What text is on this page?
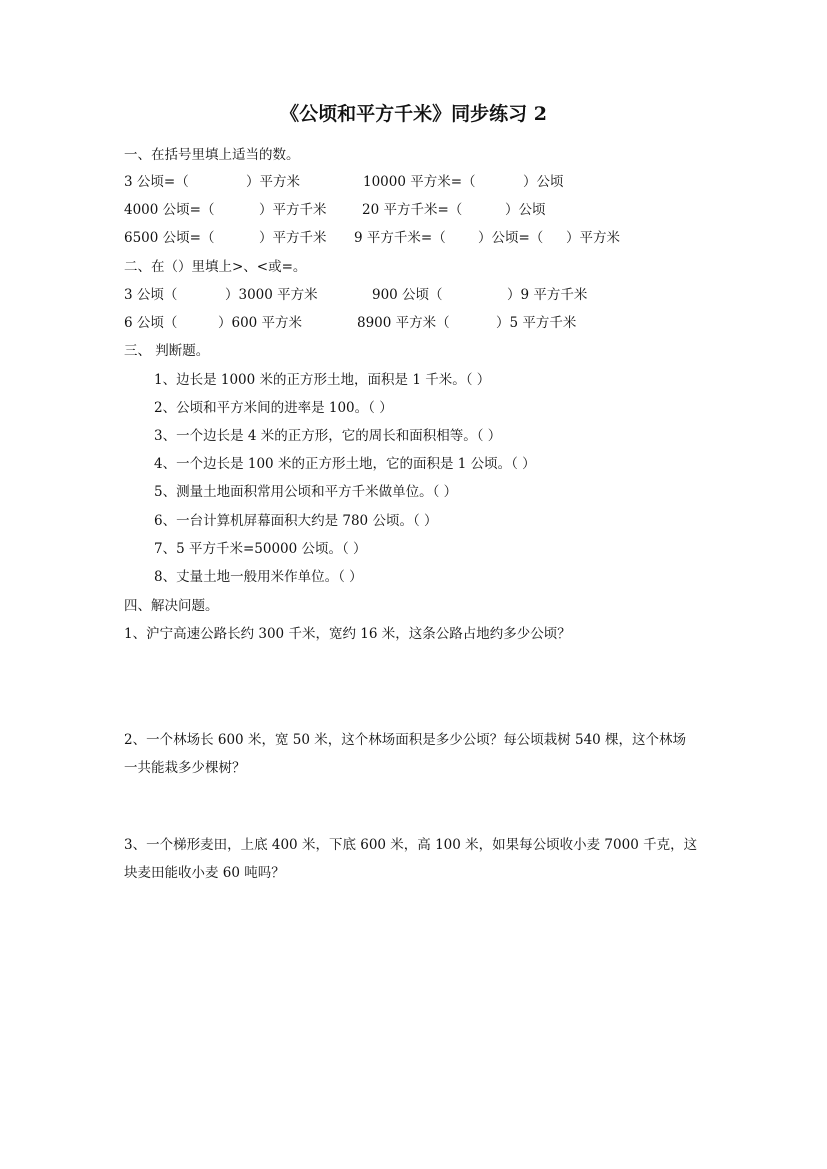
《公顷和平方千米》同步练习 2
一、在括号里填上适当的数。
3 公顷=（	）平方米	10000 平方米=（	）公顷
4000 公顷=（	）平方千米	20 平方千米=（	）公顷
6500 公顷=（	）平方千米 9 平方千米=（ ）公顷=（ ）平方米
二、在（）里填上>、<或=。
3 公顷（	）3000 平方米	900 公顷（	）9 平方千米
6 公顷（	）600 平方米	8900 平方米（	）5 平方千米
三、 判断题。
1、边长是 1000 米的正方形土地，面积是 1 千米。（ ）
2、公顷和平方米间的进率是 100。（ ）
3、一个边长是 4 米的正方形，它的周长和面积相等。（ ）
4、一个边长是 100 米的正方形土地，它的面积是 1 公顷。（ ）
5、测量土地面积常用公顷和平方千米做单位。（ ）
6、一台计算机屏幕面积大约是 780 公顷。（ ）
7、5 平方千米=50000 公顷。（ ）
8、丈量土地一般用米作单位。（ ）
四、解决问题。
1、沪宁高速公路长约 300 千米，宽约 16 米，这条公路占地约多少公顷？
2、一个林场长 600 米，宽 50 米，这个林场面积是多少公顷？每公顷栽树 540 棵，这个林场
一共能栽多少棵树？
3、一个梯形麦田，上底 400 米，下底 600 米，高 100 米，如果每公顷收小麦 7000 千克，这
块麦田能收小麦 60 吨吗？
